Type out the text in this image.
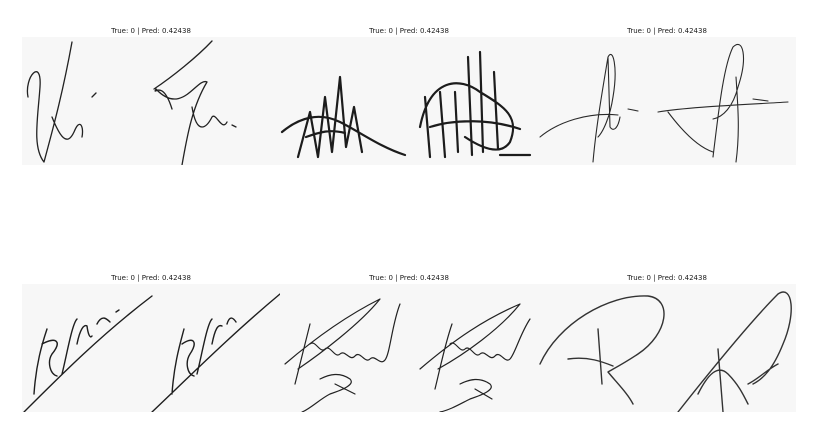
True: 0 | Pred: 0.42438	True: 0 | Pred: 0.42438	True: 0 | Pred: 0.42438
True: 0 | Pred: 0.42438	True: 0 | Pred: 0.42438	True: 0 | Pred: 0.42438
